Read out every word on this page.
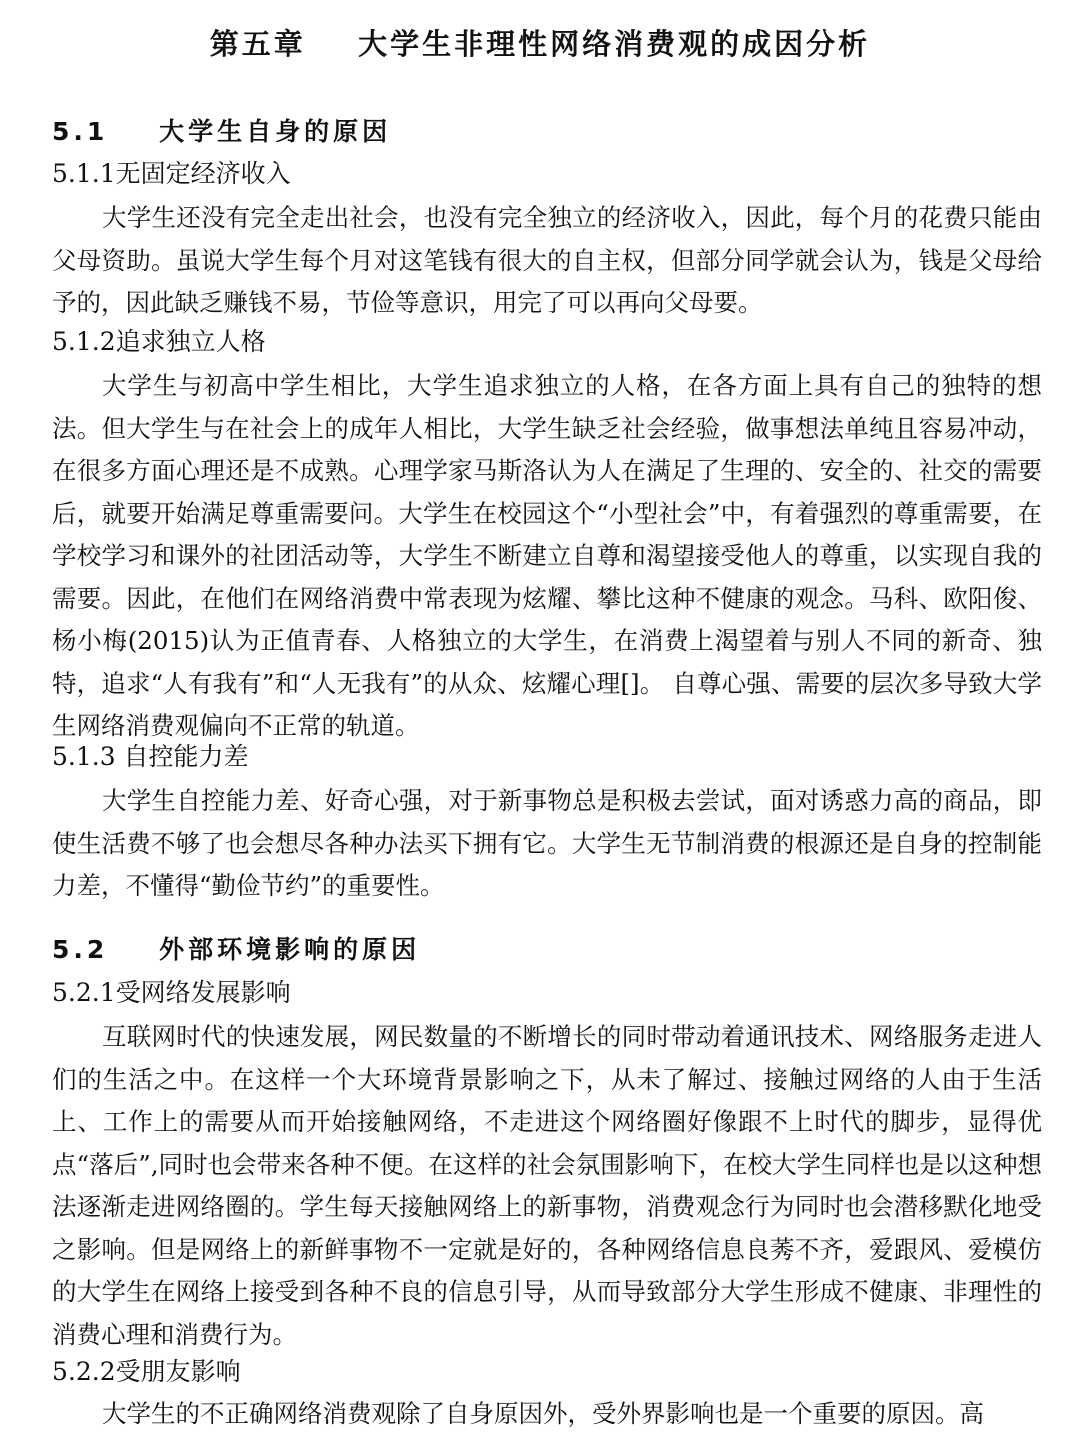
第五章    大学生非理性网络消费观的成因分析
5.1    大学生自身的原因
5.1.1无固定经济收入

大学生还没有完全走出社会，也没有完全独立的经济收入，因此，每个月的花费只能由父母资助。虽说大学生每个月对这笔钱有很大的自主权，但部分同学就会认为，钱是父母给予的，因此缺乏赚钱不易，节俭等意识，用完了可以再向父母要。

5.1.2追求独立人格

大学生与初高中学生相比，大学生追求独立的人格，在各方面上具有自己的独特的想法。但大学生与在社会上的成年人相比，大学生缺乏社会经验，做事想法单纯且容易冲动，在很多方面心理还是不成熟。心理学家马斯洛认为人在满足了生理的、安全的、社交的需要后，就要开始满足尊重需要问。大学生在校园这个“小型社会”中，有着强烈的尊重需要，在学校学习和课外的社团活动等，大学生不断建立自尊和渴望接受他人的尊重，以实现自我的需要。因此，在他们在网络消费中常表现为炫耀、攀比这种不健康的观念。马科、欧阳俊、杨小梅(2015)认为正值青春、人格独立的大学生，在消费上渴望着与别人不同的新奇、独特，追求“人有我有”和“人无我有”的从众、炫耀心理[]。 自尊心强、需要的层次多导致大学生网络消费观偏向不正常的轨道。

5.1.3 自控能力差

大学生自控能力差、好奇心强，对于新事物总是积极去尝试，面对诱惑力高的商品，即使生活费不够了也会想尽各种办法买下拥有它。大学生无节制消费的根源还是自身的控制能力差，不懂得“勤俭节约”的重要性。

5.2    外部环境影响的原因
5.2.1受网络发展影响

互联网时代的快速发展，网民数量的不断增长的同时带动着通讯技术、网络服务走进人们的生活之中。在这样一个大环境背景影响之下，从未了解过、接触过网络的人由于生活上、工作上的需要从而开始接触网络，不走进这个网络圈好像跟不上时代的脚步，显得优点“落后”,同时也会带来各种不便。在这样的社会氛围影响下，在校大学生同样也是以这种想法逐渐走进网络圈的。学生每天接触网络上的新事物，消费观念行为同时也会潜移默化地受之影响。但是网络上的新鲜事物不一定就是好的，各种网络信息良莠不齐，爱跟风、爱模仿的大学生在网络上接受到各种不良的信息引导，从而导致部分大学生形成不健康、非理性的消费心理和消费行为。

5.2.2受朋友影响

大学生的不正确网络消费观除了自身原因外，受外界影响也是一个重要的原因。高
